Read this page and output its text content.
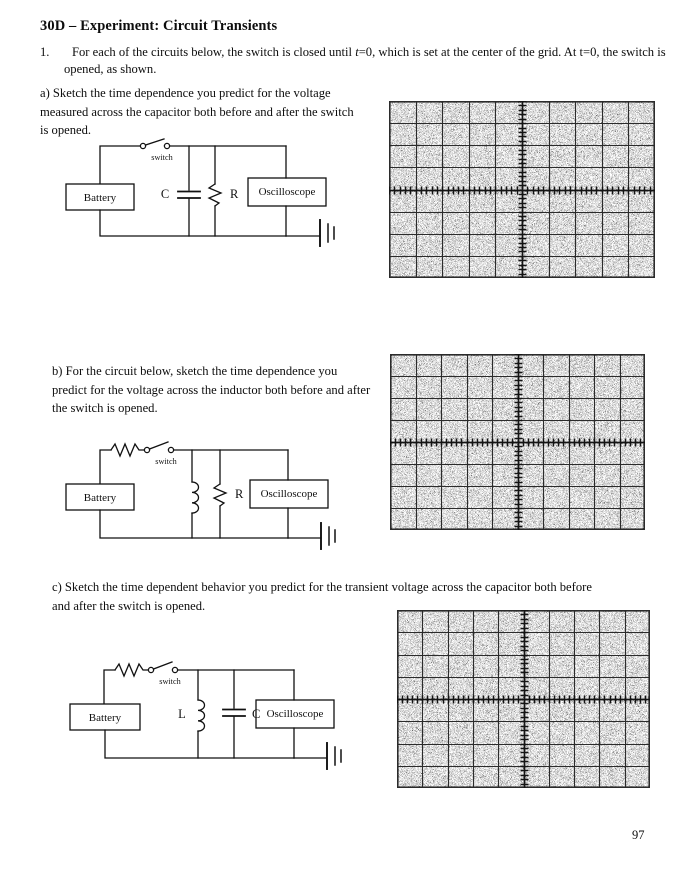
30D – Experiment: Circuit Transients
1.	For each of the circuits below, the switch is closed until t=0, which is set at the center of the grid. At t=0, the switch is opened, as shown.
a) Sketch the time dependence you predict for the voltage measured across the capacitor both before and after the switch is opened.
Battery
switch
C	R Oscilloscope
b) For the circuit below, sketch the time dependence you predict for the voltage across the inductor both before and after the switch is opened.
Battery
switch
R Oscilloscope
c) Sketch the time dependent behavior you predict for the transient voltage across the capacitor both before and after the switch is opened.
Battery
switch
L	C Oscilloscope
97
